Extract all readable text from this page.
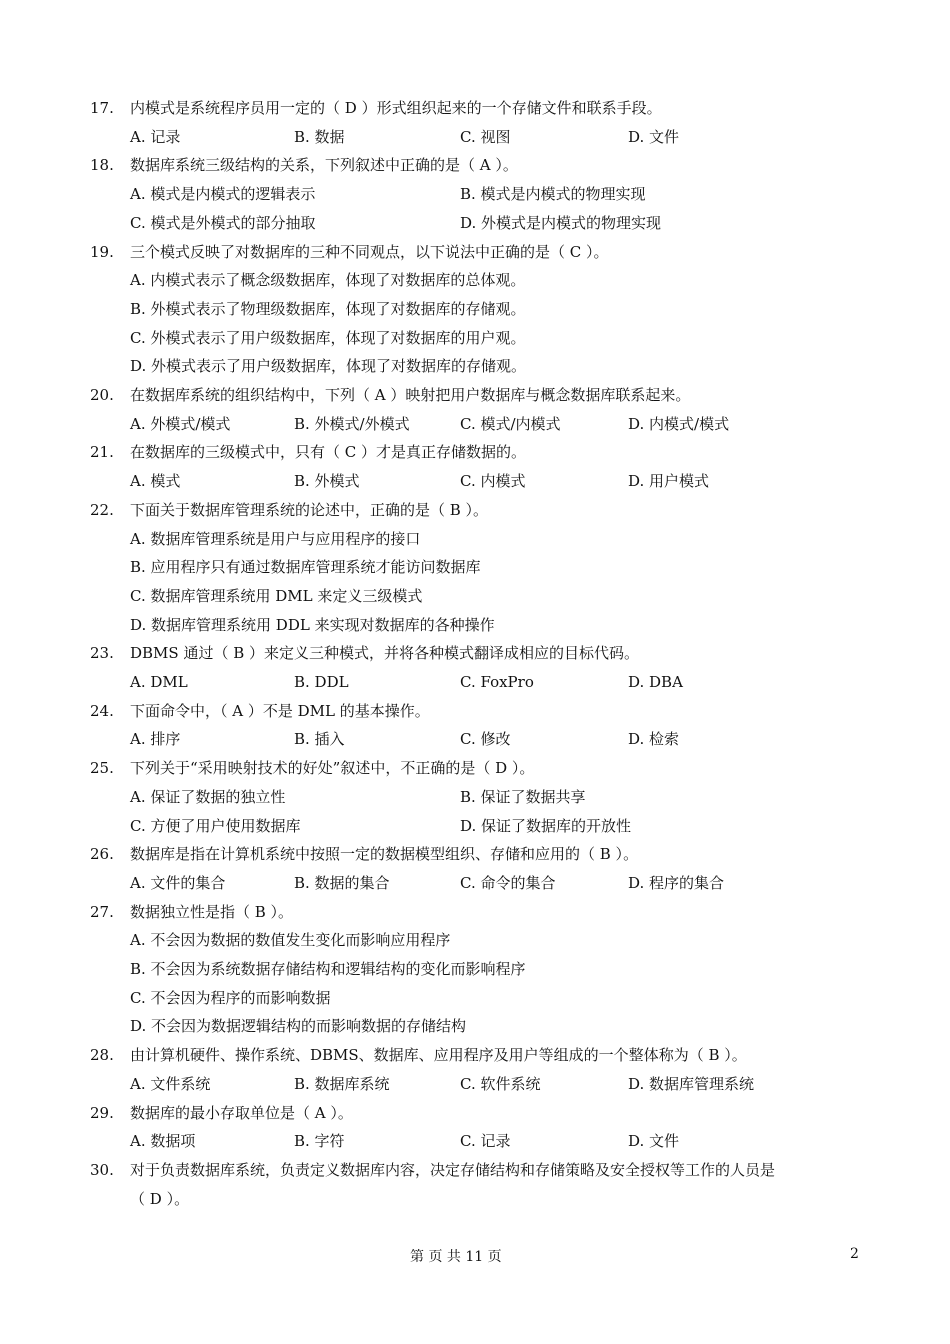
17. 内模式是系统程序员用一定的（ D ）形式组织起来的一个存储文件和联系手段。
A. 记录	B. 数据	C. 视图	D. 文件
18. 数据库系统三级结构的关系，下列叙述中正确的是（ A ）。
A. 模式是内模式的逻辑表示	B. 模式是内模式的物理实现
C. 模式是外模式的部分抽取	D. 外模式是内模式的物理实现
19. 三个模式反映了对数据库的三种不同观点，以下说法中正确的是（ C ）。
A. 内模式表示了概念级数据库，体现了对数据库的总体观。
B. 外模式表示了物理级数据库，体现了对数据库的存储观。
C. 外模式表示了用户级数据库，体现了对数据库的用户观。
D. 外模式表示了用户级数据库，体现了对数据库的存储观。
20. 在数据库系统的组织结构中，下列（ A ）映射把用户数据库与概念数据库联系起来。
A. 外模式/模式	B. 外模式/外模式	C. 模式/内模式	D. 内模式/模式
21. 在数据库的三级模式中，只有（ C ）才是真正存储数据的。
A. 模式	B. 外模式	C. 内模式	D. 用户模式
22. 下面关于数据库管理系统的论述中，正确的是（ B ）。
A. 数据库管理系统是用户与应用程序的接口
B. 应用程序只有通过数据库管理系统才能访问数据库
C. 数据库管理系统用 DML 来定义三级模式
D. 数据库管理系统用 DDL 来实现对数据库的各种操作
23. DBMS 通过（ B ）来定义三种模式，并将各种模式翻译成相应的目标代码。
A. DML	B. DDL	C. FoxPro	D. DBA
24. 下面命令中，（ A ）不是 DML 的基本操作。
A. 排序	B. 插入	C. 修改	D. 检索
25. 下列关于“采用映射技术的好处”叙述中，不正确的是（ D ）。
A. 保证了数据的独立性	B. 保证了数据共享
C. 方便了用户使用数据库	D. 保证了数据库的开放性
26. 数据库是指在计算机系统中按照一定的数据模型组织、存储和应用的（ B ）。
A. 文件的集合	B. 数据的集合	C. 命令的集合	D. 程序的集合
27. 数据独立性是指（ B ）。
A. 不会因为数据的数值发生变化而影响应用程序
B. 不会因为系统数据存储结构和逻辑结构的变化而影响程序
C. 不会因为程序的而影响数据
D. 不会因为数据逻辑结构的而影响数据的存储结构
28. 由计算机硬件、操作系统、DBMS、数据库、应用程序及用户等组成的一个整体称为（ B ）。
A. 文件系统	B. 数据库系统	C. 软件系统	D. 数据库管理系统
29. 数据库的最小存取单位是（ A ）。
A. 数据项	B. 字符	C. 记录	D. 文件
30. 对于负责数据库系统，负责定义数据库内容，决定存储结构和存储策略及安全授权等工作的人员是
（ D ）。
第 页 共 11 页	2
